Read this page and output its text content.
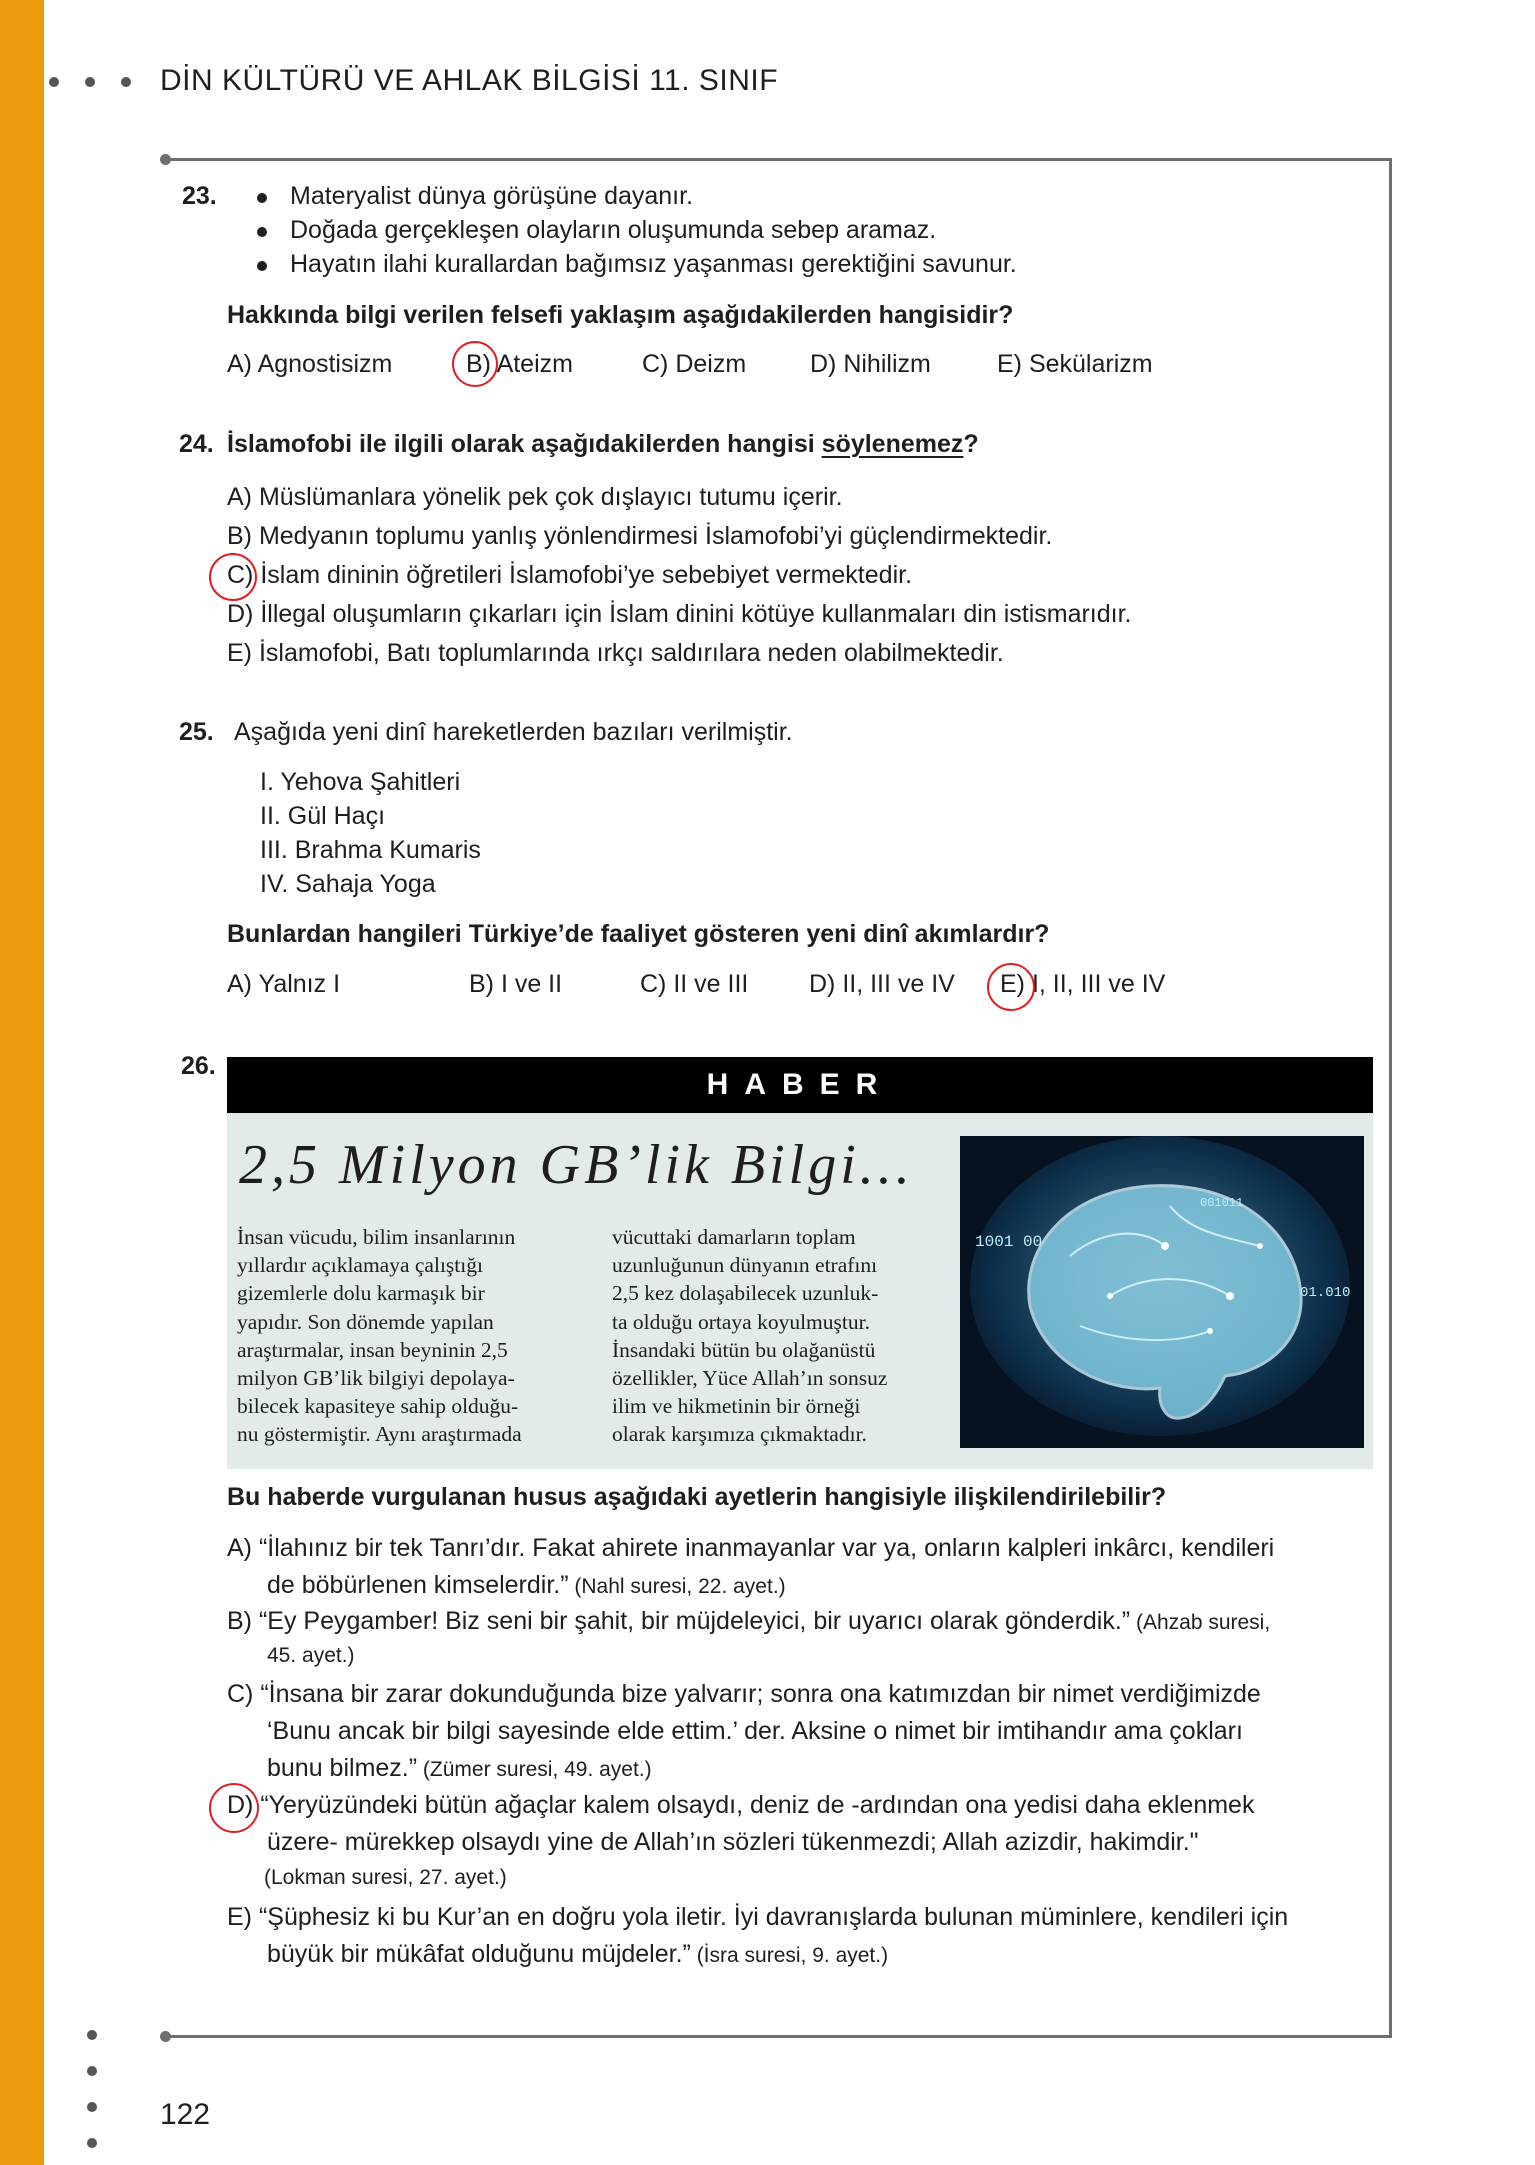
DİN KÜLTÜRÜ VE AHLAK BİLGİSİ 11. SINIF
23.	Materyalist dünya görüşüne dayanır.
Doğada gerçekleşen olayların oluşumunda sebep aramaz.
Hayatın ilahi kurallardan bağımsız yaşanması gerektiğini savunur.
Hakkında bilgi verilen felsefi yaklaşım aşağıdakilerden hangisidir?
A) Agnostisizm	B) Ateizm	C) Deizm	D) Nihilizm	E) Sekülarizm
24. İslamofobi ile ilgili olarak aşağıdakilerden hangisi söylenemez?
A) Müslümanlara yönelik pek çok dışlayıcı tutumu içerir.
B) Medyanın toplumu yanlış yönlendirmesi İslamofobi’yi güçlendirmektedir.
C) İslam dininin öğretileri İslamofobi’ye sebebiyet vermektedir.
D) İllegal oluşumların çıkarları için İslam dinini kötüye kullanmaları din istismarıdır.
E) İslamofobi, Batı toplumlarında ırkçı saldırılara neden olabilmektedir.
25. Aşağıda yeni dinî hareketlerden bazıları verilmiştir.
I. Yehova Şahitleri
II. Gül Haçı
III. Brahma Kumaris
IV. Sahaja Yoga
Bunlardan hangileri Türkiye’de faaliyet gösteren yeni dinî akımlardır?
A) Yalnız I	B) I ve II	C) II ve III D) II, III ve IV E) I, II, III ve IV
26.
HABER
2,5 Milyon GB’lik Bilgi...
İnsan vücudu, bilim insanlarının
yıllardır açıklamaya çalıştığı
gizemlerle dolu karmaşık bir
yapıdır. Son dönemde yapılan
araştırmalar, insan beyninin 2,5
milyon GB’lik bilgiyi depolaya-
bilecek kapasiteye sahip olduğu-
nu göstermiştir. Aynı araştırmada
vücuttaki damarların toplam
uzunluğunun dünyanın etrafını
2,5 kez dolaşabilecek uzunluk-
ta olduğu ortaya koyulmuştur.
İnsandaki bütün bu olağanüstü
özellikler, Yüce Allah’ın sonsuz
ilim ve hikmetinin bir örneği
olarak karşımıza çıkmaktadır.
1001 00
01.010
001011
Bu haberde vurgulanan husus aşağıdaki ayetlerin hangisiyle ilişkilendirilebilir?
A) “İlahınız bir tek Tanrı’dır. Fakat ahirete inanmayanlar var ya, onların kalpleri inkârcı, kendileri
de böbürlenen kimselerdir.” (Nahl suresi, 22. ayet.)
B) “Ey Peygamber! Biz seni bir şahit, bir müjdeleyici, bir uyarıcı olarak gönderdik.” (Ahzab suresi,
45. ayet.)
C) “İnsana bir zarar dokunduğunda bize yalvarır; sonra ona katımızdan bir nimet verdiğimizde
‘Bunu ancak bir bilgi sayesinde elde ettim.’ der. Aksine o nimet bir imtihandır ama çokları
bunu bilmez.” (Zümer suresi, 49. ayet.)
D) “Yeryüzündeki bütün ağaçlar kalem olsaydı, deniz de -ardından ona yedisi daha eklenmek
üzere- mürekkep olsaydı yine de Allah’ın sözleri tükenmezdi; Allah azizdir, hakimdir."
(Lokman suresi, 27. ayet.)
E) “Şüphesiz ki bu Kur’an en doğru yola iletir. İyi davranışlarda bulunan müminlere, kendileri için
büyük bir mükâfat olduğunu müjdeler.” (İsra suresi, 9. ayet.)
122
